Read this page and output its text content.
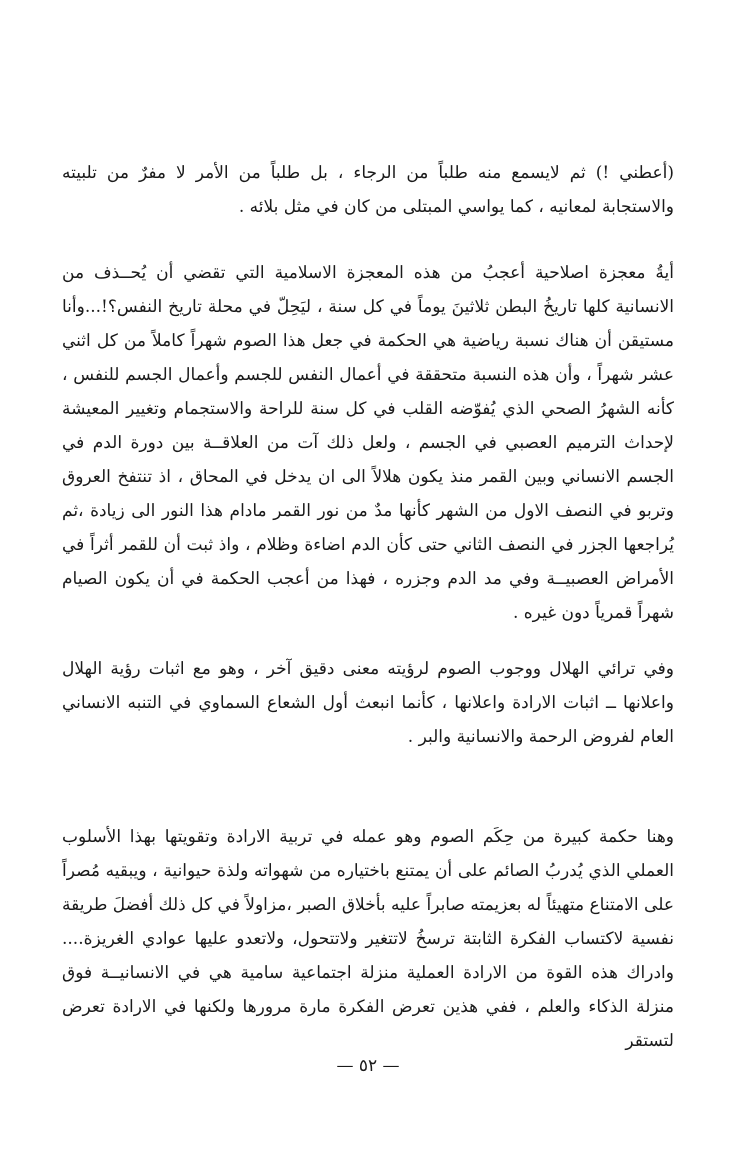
(أعطني !) ثم لايسمع منه طلباً من الرجاء ، بل طلباً من الأمر لا مفرٌ من تلبيته والاستجابة لمعانيه ، كما يواسي المبتلى من كان في مثل بلائه .

أيةُ معجزة اصلاحية أعجبُ من هذه المعجزة الاسلامية التي تقضي أن يُحــذف من الانسانية كلها تاريخُ البطن ثلاثينَ يوماً في كل سنة ، ليَحِلّ في محلة تاريخ النفس؟!...وأنا مستيقن أن هناك نسبة رياضية هي الحكمة في جعل هذا الصوم شهراً كاملاً من كل اثني عشر شهراً ، وأن هذه النسبة متحققة في أعمال النفس للجسم وأعمال الجسم للنفس ، كأنه الشهرُ الصحي الذي يُفوّضه القلب في كل سنة للراحة والاستجمام وتغيير المعيشة لإحداث الترميم العصبي في الجسم ، ولعل ذلك آت من العلاقــة بين دورة الدم في الجسم الانساني وبين القمر منذ يكون هلالاً الى ان يدخل في المحاق ، اذ تنتفخ العروق وتربو في النصف الاول من الشهر كأنها مدٌ من نور القمر مادام هذا النور الى زيادة ،ثم يُراجعها الجزر في النصف الثاني حتى كأن الدم اضاءة وظلام ، واذ ثبت أن للقمر أثراً في الأمراض العصبيــة وفي مد الدم وجزره ، فهذا من أعجب الحكمة في أن يكون الصيام شهراً قمرياً دون غيره .

وفي ترائي الهلال ووجوب الصوم لرؤيته معنى دقيق آخر ، وهو مع اثبات رؤية الهلال واعلانها ــ اثبات الارادة واعلانها ، كأنما انبعث أول الشعاع السماوي في التنبه الانساني العام لفروض الرحمة والانسانية والبر .

وهنا حكمة كبيرة من حِكَم الصوم وهو عمله في تربية الارادة وتقويتها بهذا الأسلوب العملي الذي يُدربُ الصائم على أن يمتنع باختياره من شهواته ولذة حيوانية ، ويبقيه مُصراً على الامتناع متهيئاً له بعزيمته صابراً عليه بأخلاق الصبر ،مزاولاً في كل ذلك أفضلَ طريقة نفسية لاكتساب الفكرة الثابتة ترسخُ لاتتغير ولاتتحول، ولاتعدو عليها عوادي الغريزة.... وادراك هذه القوة من الارادة العملية منزلة اجتماعية سامية هي في الانسانيــة فوق منزلة الذكاء والعلم ، ففي هذين تعرض الفكرة مارة مرورها ولكنها في الارادة تعرض لتستقر

— ٥٢ —
